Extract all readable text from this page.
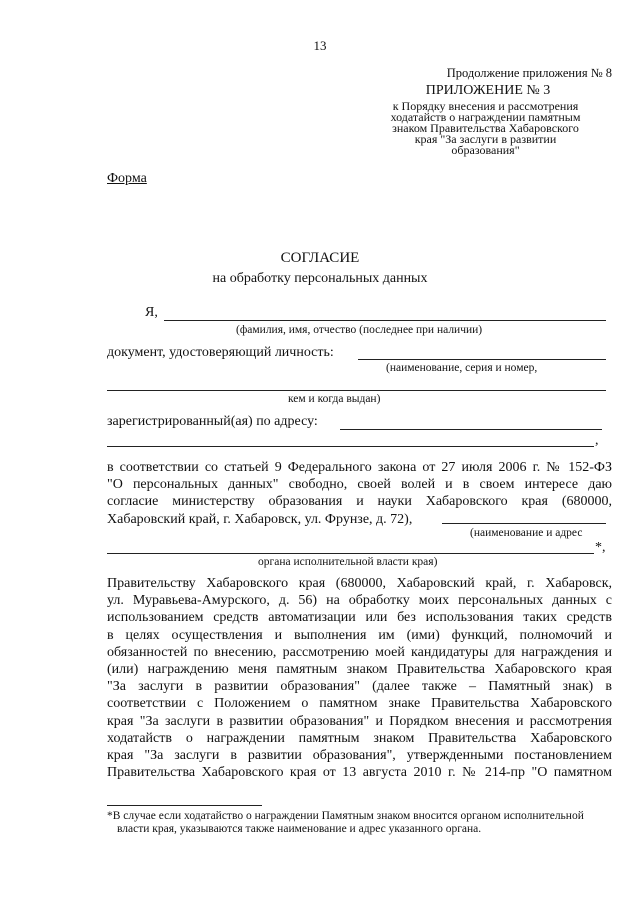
13
Продолжение приложения № 8
ПРИЛОЖЕНИЕ № 3
к Порядку внесения и рассмотрения
ходатайств о награждении памятным
знаком Правительства Хабаровского
края "За заслуги в развитии
образования"
Форма
СОГЛАСИЕ
на обработку персональных данных
Я,
(фамилия, имя, отчество (последнее при наличии)
документ, удостоверяющий личность:
(наименование, серия и номер,
кем и когда выдан)
зарегистрированный(ая) по адресу:
,
в соответствии со статьей 9 Федерального закона от 27 июля 2006 г. № 152-ФЗ
"О персональных данных" свободно, своей волей и в своем интересе даю
согласие министерству образования и науки Хабаровского края (680000,
Хабаровский край, г. Хабаровск, ул. Фрунзе, д. 72),
(наименование и адрес
*,
органа исполнительной власти края)
Правительству Хабаровского края (680000, Хабаровский край, г. Хабаровск,
ул. Муравьева-Амурского, д. 56) на обработку моих персональных данных с
использованием средств автоматизации или без использования таких средств
в целях осуществления и выполнения им (ими) функций, полномочий и
обязанностей по внесению, рассмотрению моей кандидатуры для награждения и
(или) награждению меня памятным знаком Правительства Хабаровского края
"За заслуги в развитии образования" (далее также – Памятный знак) в
соответствии с Положением о памятном знаке Правительства Хабаровского
края "За заслуги в развитии образования" и Порядком внесения и рассмотрения
ходатайств о награждении памятным знаком Правительства Хабаровского
края "За заслуги в развитии образования", утвержденными постановлением
Правительства Хабаровского края от 13 августа 2010 г. № 214-пр "О памятном
*В случае если ходатайство о награждении Памятным знаком вносится органом исполнительной
власти края, указываются также наименование и адрес указанного органа.
